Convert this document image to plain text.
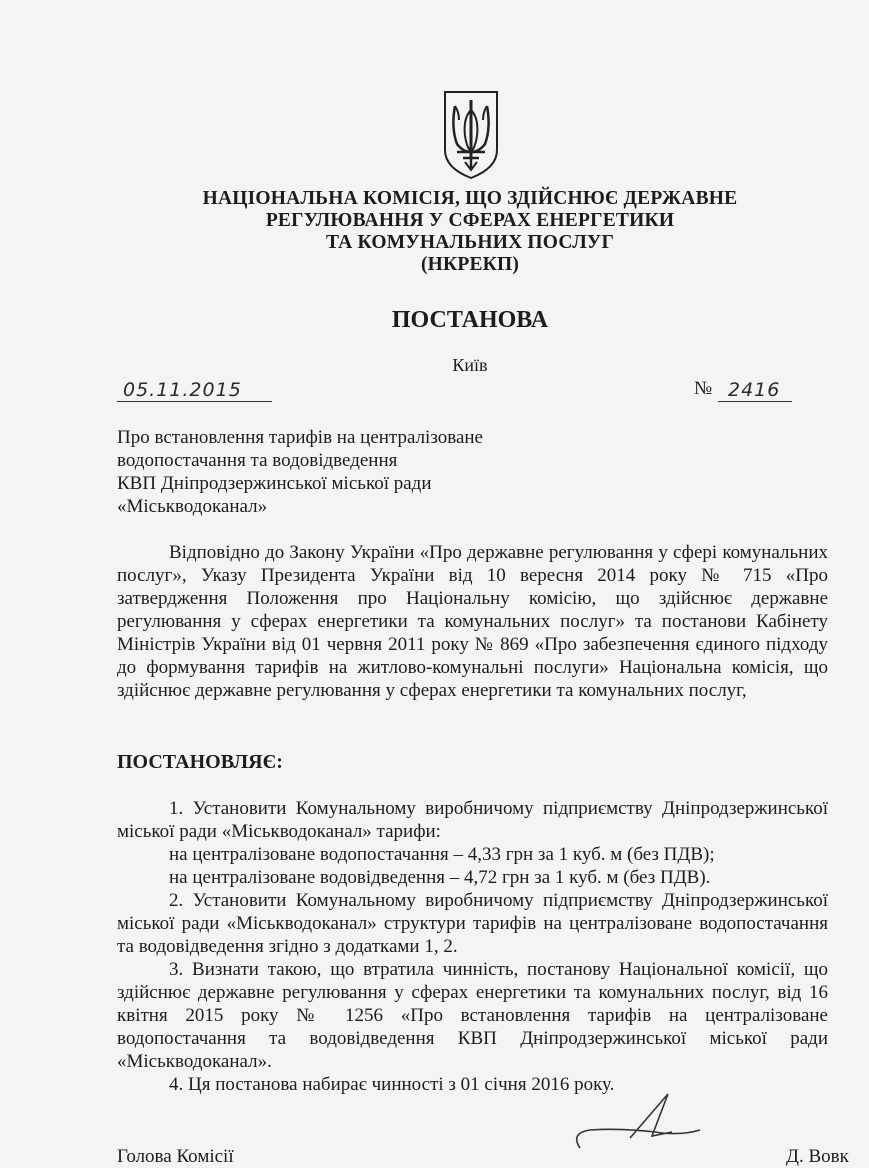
НАЦІОНАЛЬНА КОМІСІЯ, ЩО ЗДІЙСНЮЄ ДЕРЖАВНЕ
РЕГУЛЮВАННЯ У СФЕРАХ ЕНЕРГЕТИКИ
ТА КОМУНАЛЬНИХ ПОСЛУГ
(НКРЕКП)
ПОСТАНОВА
Київ
05.11.2015	№ 2416
Про встановлення тарифів на централізоване
водопостачання та водовідведення
КВП Дніпродзержинської міської ради
«Міськводоканал»
Відповідно до Закону України «Про державне регулювання у сфері комунальних послуг», Указу Президента України від 10 вересня 2014 року № 715 «Про затвердження Положення про Національну комісію, що здійснює державне регулювання у сферах енергетики та комунальних послуг» та постанови Кабінету Міністрів України від 01 червня 2011 року № 869 «Про забезпечення єдиного підходу до формування тарифів на житлово-комунальні послуги» Національна комісія, що здійснює державне регулювання у сферах енергетики та комунальних послуг,
ПОСТАНОВЛЯЄ:

1. Установити Комунальному виробничому підприємству Дніпродзержинської міської ради «Міськводоканал» тарифи:

на централізоване водопостачання – 4,33 грн за 1 куб. м (без ПДВ);
на централізоване водовідведення – 4,72 грн за 1 куб. м (без ПДВ).

2. Установити Комунальному виробничому підприємству Дніпродзержинської міської ради «Міськводоканал» структури тарифів на централізоване водопостачання та водовідведення згідно з додатками 1, 2.

3. Визнати такою, що втратила чинність, постанову Національної комісії, що здійснює державне регулювання у сферах енергетики та комунальних послуг, від 16 квітня 2015 року № 1256 «Про встановлення тарифів на централізоване водопостачання та водовідведення КВП Дніпродзержинської міської ради «Міськводоканал».

4. Ця постанова набирає чинності з 01 січня 2016 року.

Голова Комісії	Д. Вовк
